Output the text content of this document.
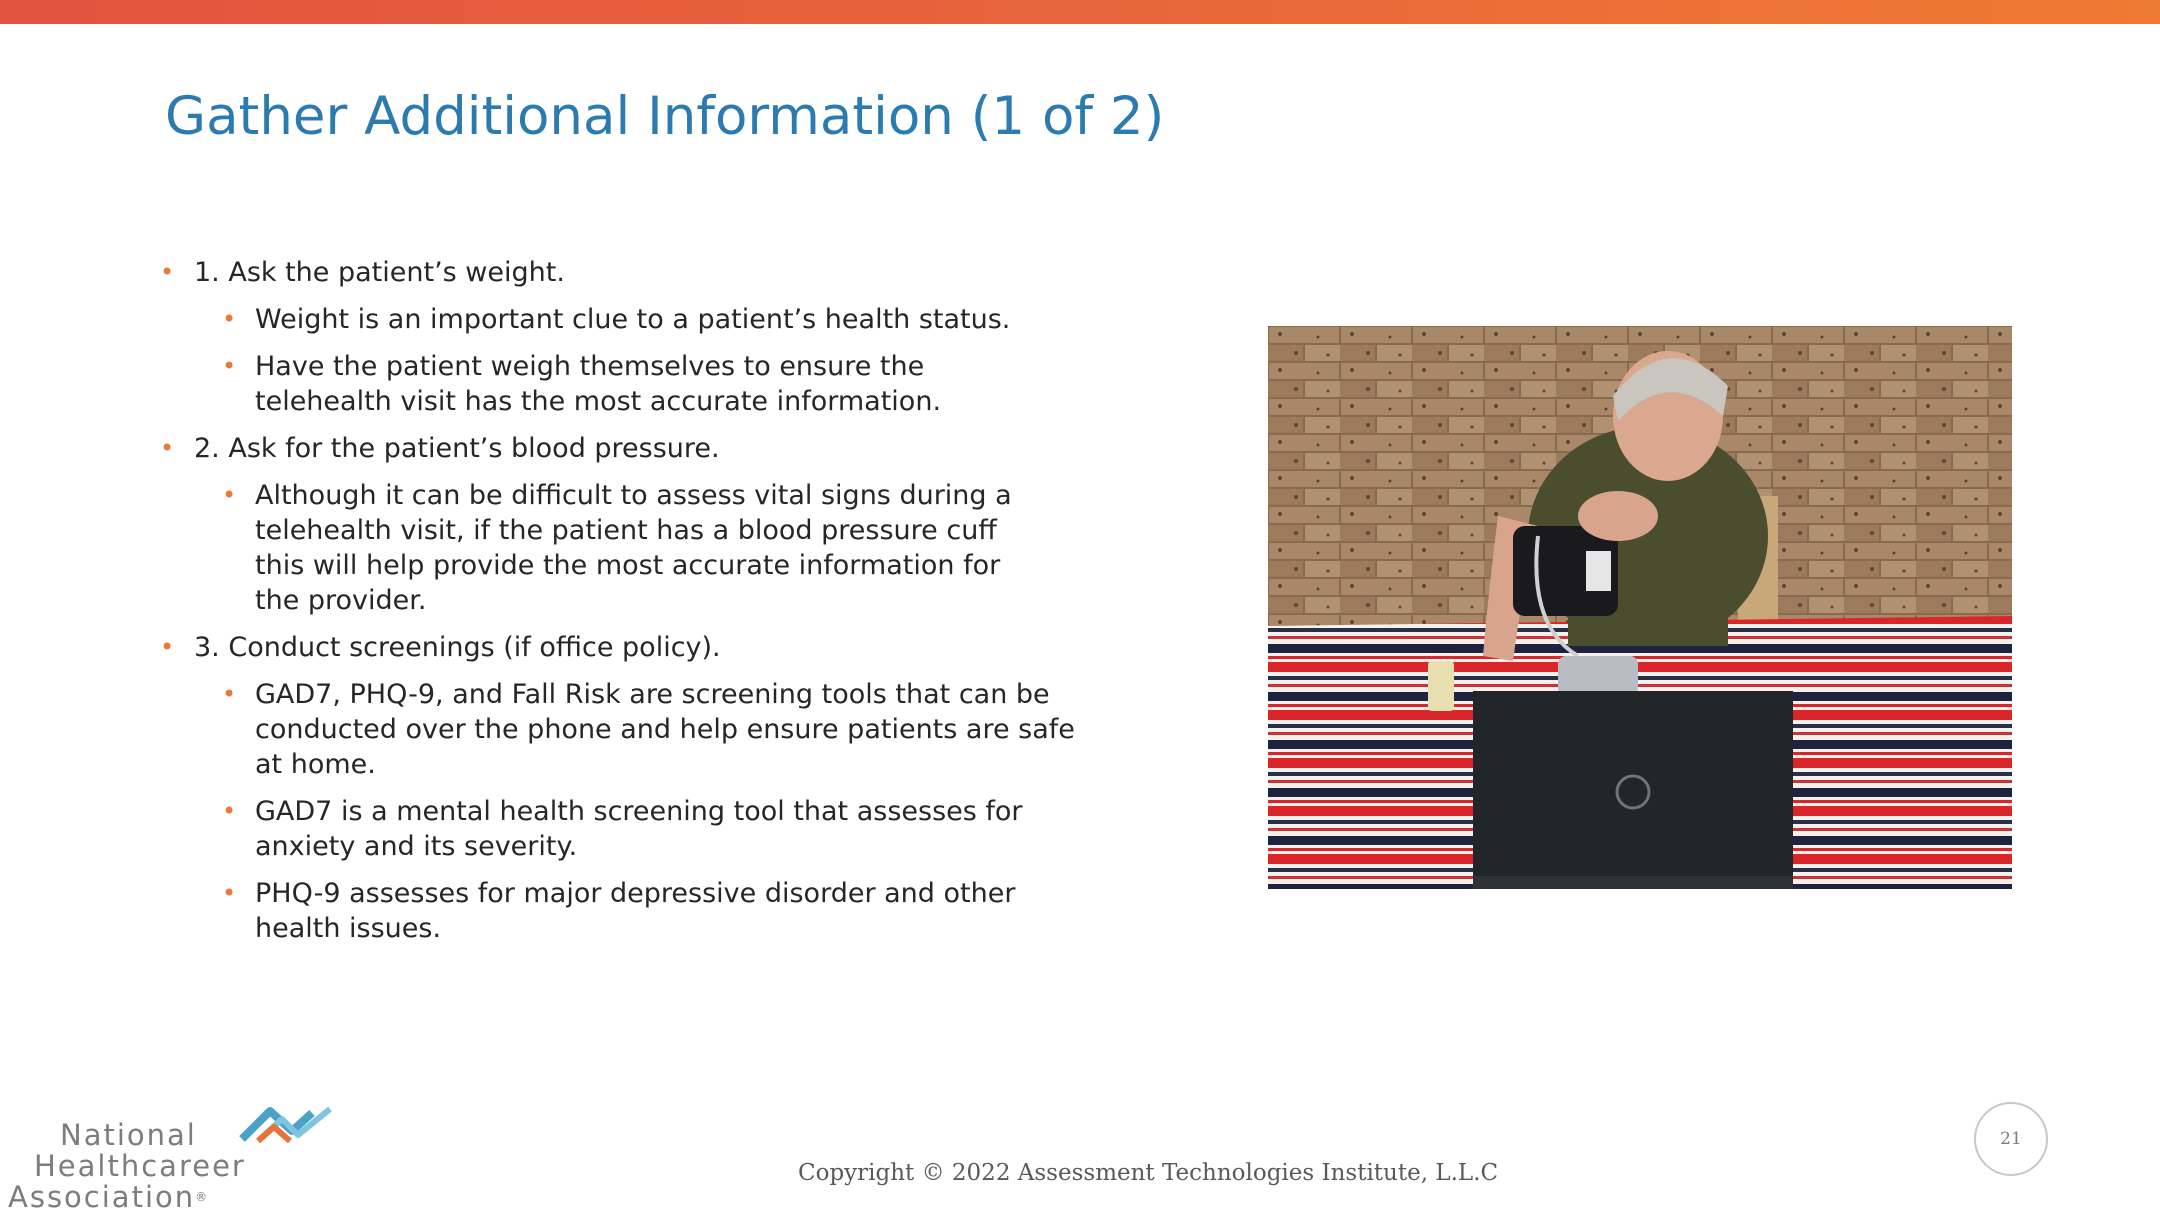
Gather Additional Information (1 of 2)
• 1. Ask the patient’s weight.
• Weight is an important clue to a patient’s health status.
• Have the patient weigh themselves to ensure the telehealth visit has the most accurate information.
• 2. Ask for the patient’s blood pressure.
• Although it can be difficult to assess vital signs during a telehealth visit, if the patient has a blood pressure cuff this will help provide the most accurate information for the provider.
• 3. Conduct screenings (if office policy).
• GAD7, PHQ-9, and Fall Risk are screening tools that can be conducted over the phone and help ensure patients are safe at home.
• GAD7 is a mental health screening tool that assesses for anxiety and its severity.
• PHQ-9 assesses for major depressive disorder and other health issues.
National
Healthcareer
Association®
Copyright © 2022 Assessment Technologies Institute, L.L.C
21
